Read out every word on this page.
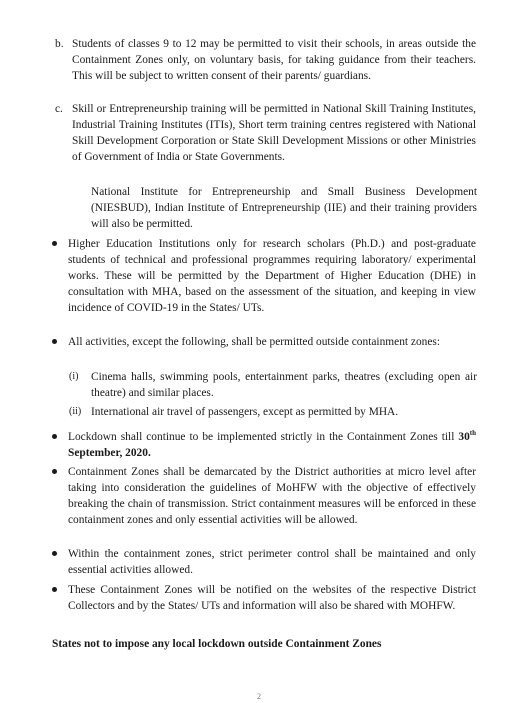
b. Students of classes 9 to 12 may be permitted to visit their schools, in areas outside the Containment Zones only, on voluntary basis, for taking guidance from their teachers. This will be subject to written consent of their parents/ guardians.
c. Skill or Entrepreneurship training will be permitted in National Skill Training Institutes, Industrial Training Institutes (ITIs), Short term training centres registered with National Skill Development Corporation or State Skill Development Missions or other Ministries of Government of India or State Governments.
National Institute for Entrepreneurship and Small Business Development (NIESBUD), Indian Institute of Entrepreneurship (IIE) and their training providers will also be permitted.
Higher Education Institutions only for research scholars (Ph.D.) and post-graduate students of technical and professional programmes requiring laboratory/ experimental works. These will be permitted by the Department of Higher Education (DHE) in consultation with MHA, based on the assessment of the situation, and keeping in view incidence of COVID-19 in the States/ UTs.
All activities, except the following, shall be permitted outside containment zones:
(i) Cinema halls, swimming pools, entertainment parks, theatres (excluding open air theatre) and similar places.
(ii) International air travel of passengers, except as permitted by MHA.
Lockdown shall continue to be implemented strictly in the Containment Zones till 30th September, 2020.
Containment Zones shall be demarcated by the District authorities at micro level after taking into consideration the guidelines of MoHFW with the objective of effectively breaking the chain of transmission. Strict containment measures will be enforced in these containment zones and only essential activities will be allowed.
Within the containment zones, strict perimeter control shall be maintained and only essential activities allowed.
These Containment Zones will be notified on the websites of the respective District Collectors and by the States/ UTs and information will also be shared with MOHFW.
States not to impose any local lockdown outside Containment Zones
2
